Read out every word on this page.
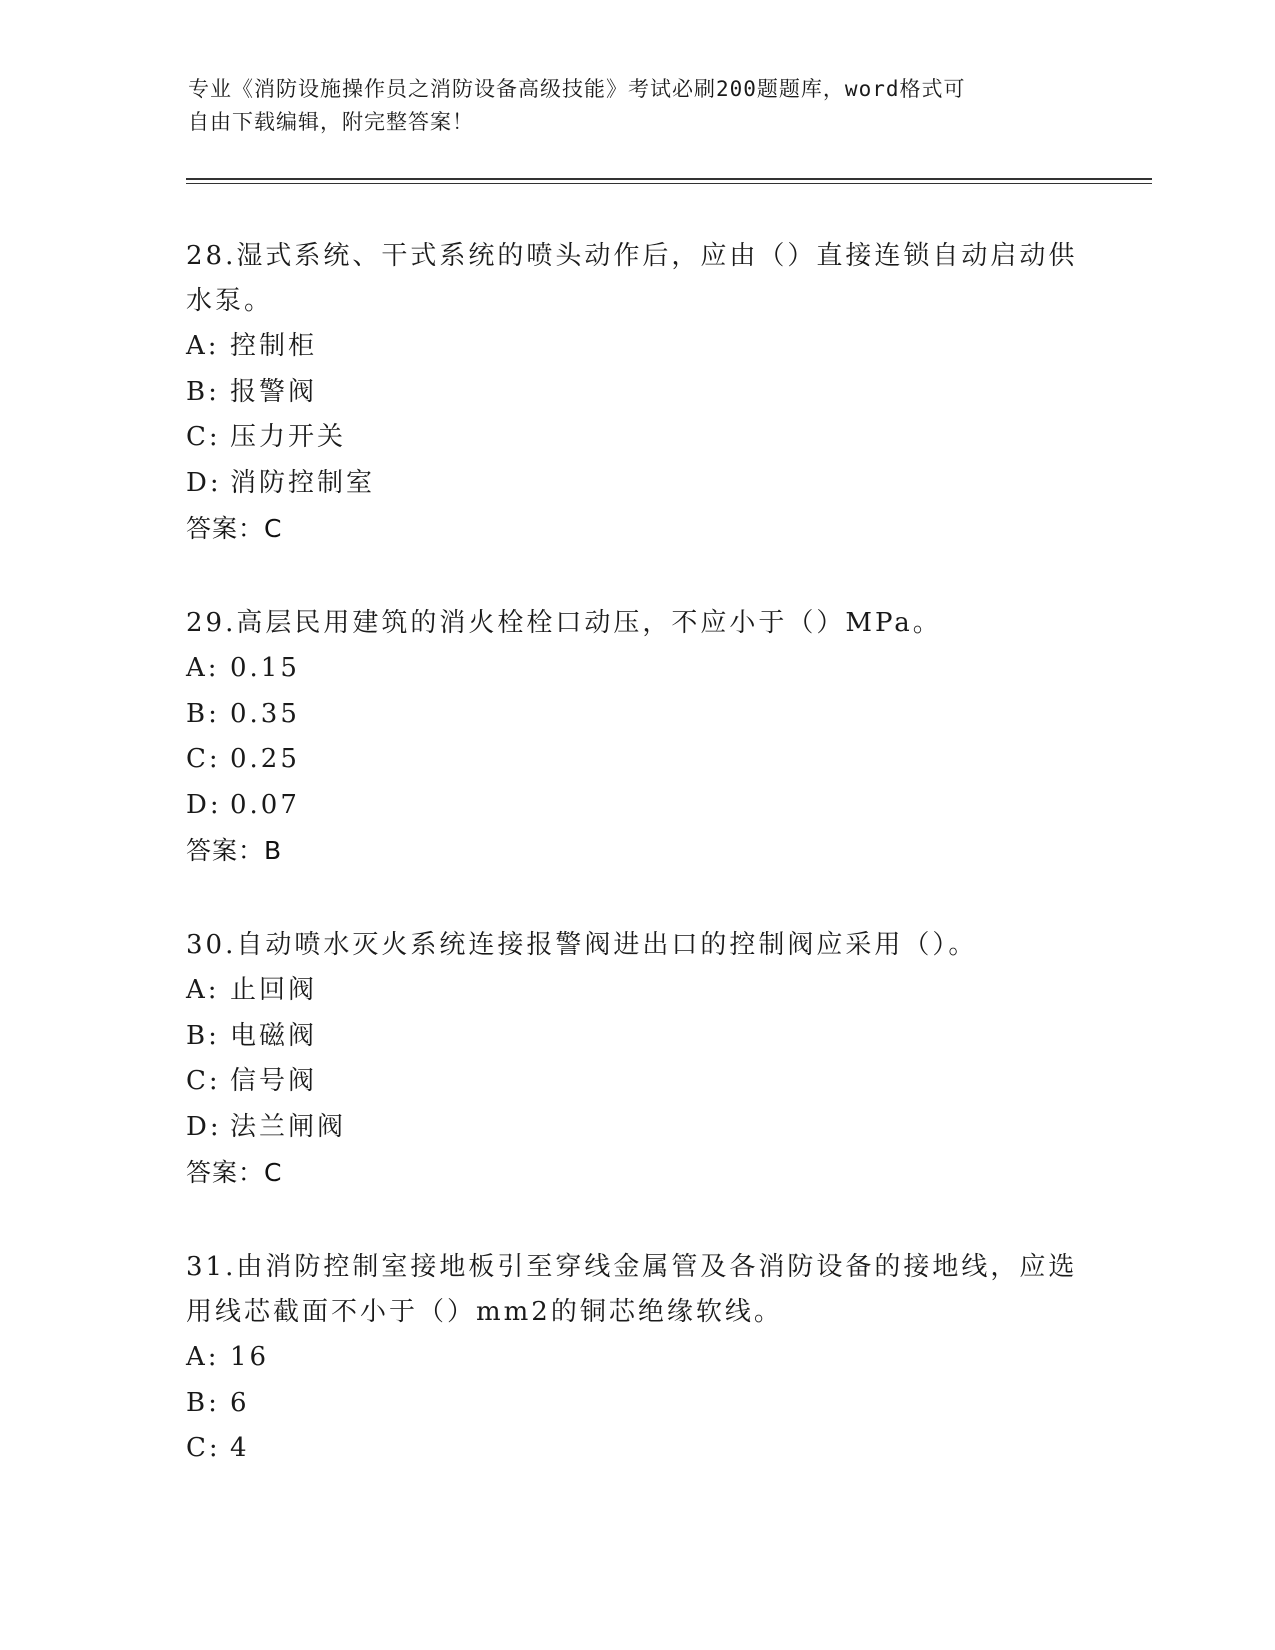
专业《消防设施操作员之消防设备高级技能》考试必刷200题题库，word格式可
自由下载编辑，附完整答案！
28.湿式系统、干式系统的喷头动作后，应由（）直接连锁自动启动供
水泵。
A: 控制柜
B: 报警阀
C: 压力开关
D: 消防控制室
答案：C
29.高层民用建筑的消火栓栓口动压，不应小于（）MPa。
A: 0.15
B: 0.35
C: 0.25
D: 0.07
答案：B
30.自动喷水灭火系统连接报警阀进出口的控制阀应采用（）。
A: 止回阀
B: 电磁阀
C: 信号阀
D: 法兰闸阀
答案：C
31.由消防控制室接地板引至穿线金属管及各消防设备的接地线，应选
用线芯截面不小于（）mm2的铜芯绝缘软线。
A: 16
B: 6
C: 4
